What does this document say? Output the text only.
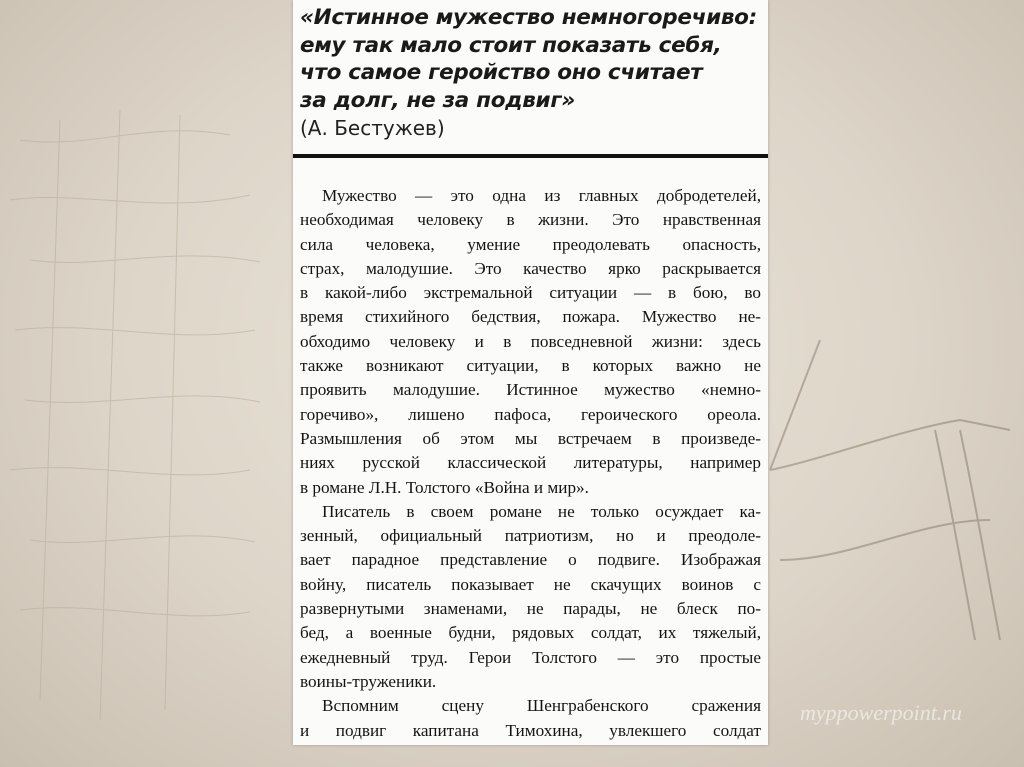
«Истинное мужество немногоречиво:
ему так мало стоит показать себя,
что самое геройство оно считает
за долг, не за подвиг»
(А. Бестужев)
Мужество — это одна из главных добродетелей,
необходимая человеку в жизни. Это нравственная
сила человека, умение преодолевать опасность,
страх, малодушие. Это качество ярко раскрывается
в какой-либо экстремальной ситуации — в бою, во
время стихийного бедствия, пожара. Мужество не-
обходимо человеку и в повседневной жизни: здесь
также возникают ситуации, в которых важно не
проявить малодушие. Истинное мужество «немно-
горечиво», лишено пафоса, героического ореола.
Размышления об этом мы встречаем в произведе-
ниях русской классической литературы, например
в романе Л.Н. Толстого «Война и мир».
Писатель в своем романе не только осуждает ка-
зенный, официальный патриотизм, но и преодоле-
вает парадное представление о подвиге. Изображая
войну, писатель показывает не скачущих воинов с
развернутыми знаменами, не парады, не блеск по-
бед, а военные будни, рядовых солдат, их тяжелый,
ежедневный труд. Герои Толстого — это простые
воины-труженики.
Вспомним сцену Шенграбенского сражения
и подвиг капитана Тимохина, увлекшего солдат
myppowerpoint.ru
